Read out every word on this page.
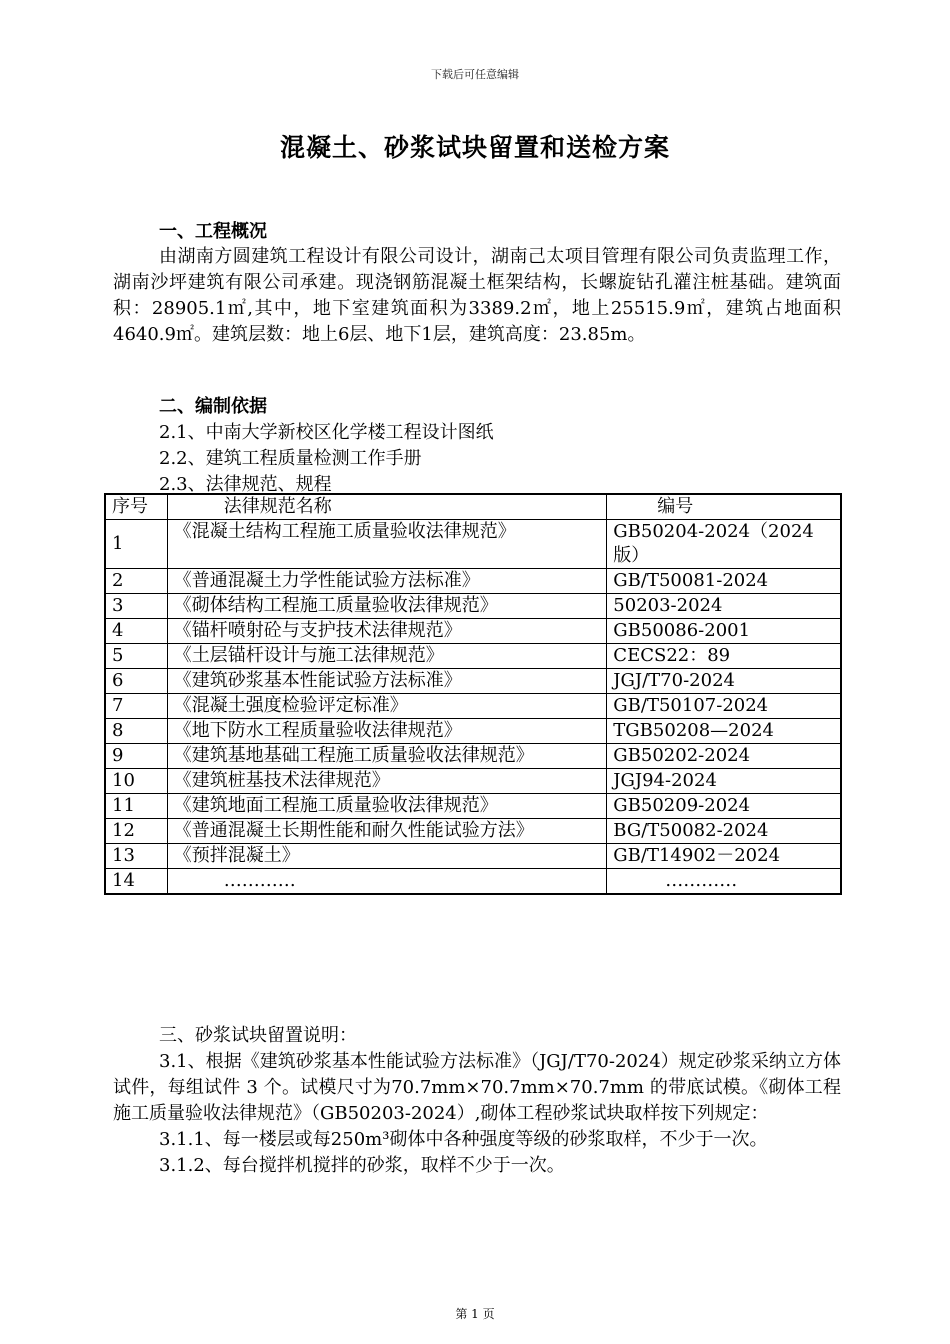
下载后可任意编辑
混凝土、砂浆试块留置和送检方案
一、工程概况

由湖南方圆建筑工程设计有限公司设计，湖南己太项目管理有限公司负责监理工作，湖南沙坪建筑有限公司承建。现浇钢筋混凝土框架结构，长螺旋钻孔灌注桩基础。建筑面积：28905.1㎡,其中，地下室建筑面积为3389.2㎡，地上25515.9㎡，建筑占地面积4640.9㎡。建筑层数：地上6层、地下1层，建筑高度：23.85m。

二、编制依据
2.1、中南大学新校区化学楼工程设计图纸
2.2、建筑工程质量检测工作手册
2.3、法律规范、规程
序号	法律规范名称	编号
1	《混凝土结构工程施工质量验收法律规范》	GB50204-2024（2024版）
2	《普通混凝土力学性能试验方法标准》	GB/T50081-2024
3	《砌体结构工程施工质量验收法律规范》	50203-2024
4	《锚杆喷射砼与支护技术法律规范》	GB50086-2001
5	《土层锚杆设计与施工法律规范》	CECS22：89
6	《建筑砂浆基本性能试验方法标准》	JGJ/T70-2024
7	《混凝土强度检验评定标准》	GB/T50107-2024
8	《地下防水工程质量验收法律规范》	TGB50208—2024
9	《建筑基地基础工程施工质量验收法律规范》	GB50202-2024
10	《建筑桩基技术法律规范》	JGJ94-2024
11	《建筑地面工程施工质量验收法律规范》	GB50209-2024
12	《普通混凝土长期性能和耐久性能试验方法》	BG/T50082-2024
13	《预拌混凝土》	GB/T14902－2024
14	…………	…………
三、砂浆试块留置说明：

3.1、根据《建筑砂浆基本性能试验方法标准》（JGJ/T70-2024）规定砂浆采纳立方体试件，每组试件 3 个。试模尺寸为70.7mm×70.7mm×70.7mm 的带底试模。《砌体工程施工质量验收法律规范》（GB50203-2024）,砌体工程砂浆试块取样按下列规定：

3.1.1、每一楼层或每250m³砌体中各种强度等级的砂浆取样，不少于一次。

3.1.2、每台搅拌机搅拌的砂浆，取样不少于一次。

第 1 页
